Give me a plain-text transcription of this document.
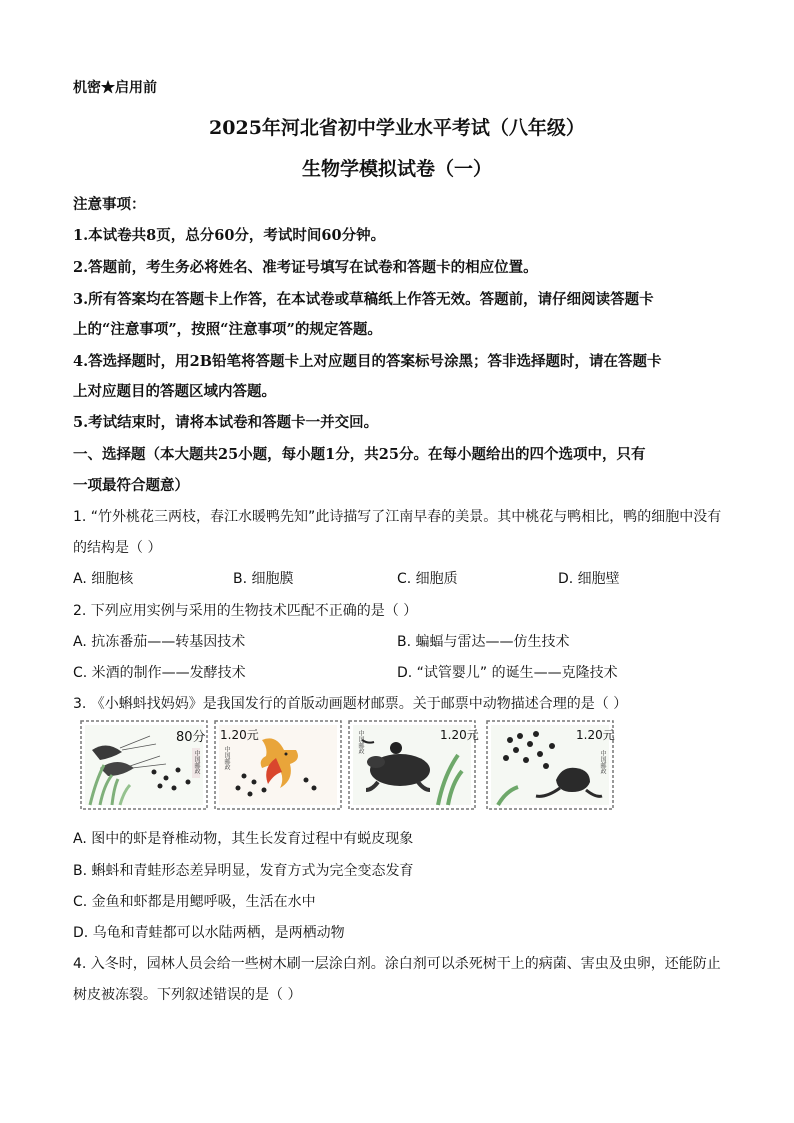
机密★启用前
2025年河北省初中学业水平考试（八年级）
生物学模拟试卷（一）
注意事项：
1.本试卷共8页，总分60分，考试时间60分钟。
2.答题前，考生务必将姓名、准考证号填写在试卷和答题卡的相应位置。
3.所有答案均在答题卡上作答，在本试卷或草稿纸上作答无效。答题前，请仔细阅读答题卡
上的“注意事项”，按照“注意事项”的规定答题。
4.答选择题时，用2B铅笔将答题卡上对应题目的答案标号涂黑；答非选择题时，请在答题卡
上对应题目的答题区域内答题。
5.考试结束时，请将本试卷和答题卡一并交回。
一、选择题（本大题共25小题，每小题1分，共25分。在每小题给出的四个选项中，只有
一项最符合题意）
1. “竹外桃花三两枝，春江水暖鸭先知”此诗描写了江南早春的美景。其中桃花与鸭相比，鸭的细胞中没有
的结构是（ ）
A. 细胞核	B. 细胞膜	C. 细胞质	D. 细胞壁
2. 下列应用实例与采用的生物技术匹配不正确的是（ ）
A. 抗冻番茄——转基因技术	B. 蝙蝠与雷达——仿生技术
C. 米酒的制作——发酵技术	D. “试管婴儿” 的诞生——克隆技术
3. 《小蝌蚪找妈妈》是我国发行的首版动画题材邮票。关于邮票中动物描述合理的是（ ）
80分
中国邮政
1.20元
中国邮政
1.20元
中国邮政	1.20元
中国邮政
A. 图中的虾是脊椎动物，其生长发育过程中有蜕皮现象
B. 蝌蚪和青蛙形态差异明显，发育方式为完全变态发育
C. 金鱼和虾都是用鳃呼吸，生活在水中
D. 乌龟和青蛙都可以水陆两栖，是两栖动物
4. 入冬时，园林人员会给一些树木刷一层涂白剂。涂白剂可以杀死树干上的病菌、害虫及虫卵，还能防止
树皮被冻裂。下列叙述错误的是（ ）
